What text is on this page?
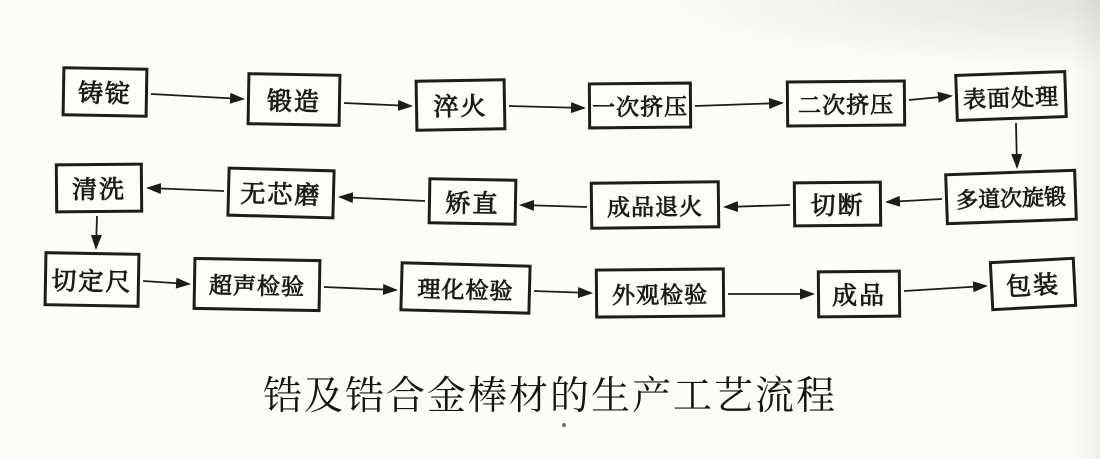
铸锭	锻造	淬火	一次挤压	二次挤压	表面处理
多道次旋锻
切断
成品退火
矫直
无芯磨
清洗
切定尺	超声检验	理化检验	外观检验	成品	包装
锆及锆合金棒材的生产工艺流程
